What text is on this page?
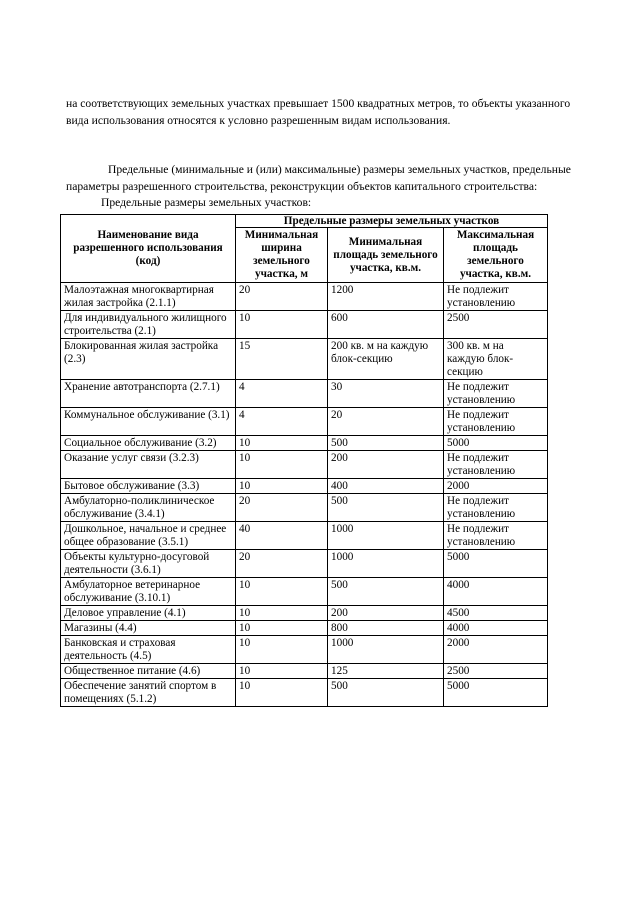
на соответствующих земельных участках превышает 1500 квадратных метров, то объекты указанного вида использования относятся к условно разрешенным видам использования.
Предельные (минимальные и (или) максимальные) размеры земельных участков, предельные параметры разрешенного строительства, реконструкции объектов капитального строительства:
Предельные размеры земельных участков:
Наименование вида разрешенного использования (код)	Предельные размеры земельных участков		
	Минимальная ширина земельного участка, м	Минимальная площадь земельного участка, кв.м.	Максимальная площадь земельного участка, кв.м.
Малоэтажная многоквартирная жилая застройка (2.1.1)	20	1200	Не подлежит установлению
Для индивидуального жилищного строительства (2.1)	10	600	2500
Блокированная жилая застройка (2.3)	15	200 кв. м на каждую блок-секцию	300 кв. м на каждую блок-секцию
Хранение автотранспорта (2.7.1)	4	30	Не подлежит установлению
Коммунальное обслуживание (3.1)	4	20	Не подлежит установлению
Социальное обслуживание (3.2)	10	500	5000
Оказание услуг связи (3.2.3)	10	200	Не подлежит установлению
Бытовое обслуживание (3.3)	10	400	2000
Амбулаторно-поликлиническое обслуживание (3.4.1)	20	500	Не подлежит установлению
Дошкольное, начальное и среднее общее образование (3.5.1)	40	1000	Не подлежит установлению
Объекты культурно-досуговой деятельности (3.6.1)	20	1000	5000
Амбулаторное ветеринарное обслуживание (3.10.1)	10	500	4000
Деловое управление (4.1)	10	200	4500
Магазины (4.4)	10	800	4000
Банковская и страховая деятельность (4.5)	10	1000	2000
Общественное питание (4.6)	10	125	2500
Обеспечение занятий спортом в помещениях (5.1.2)	10	500	5000
